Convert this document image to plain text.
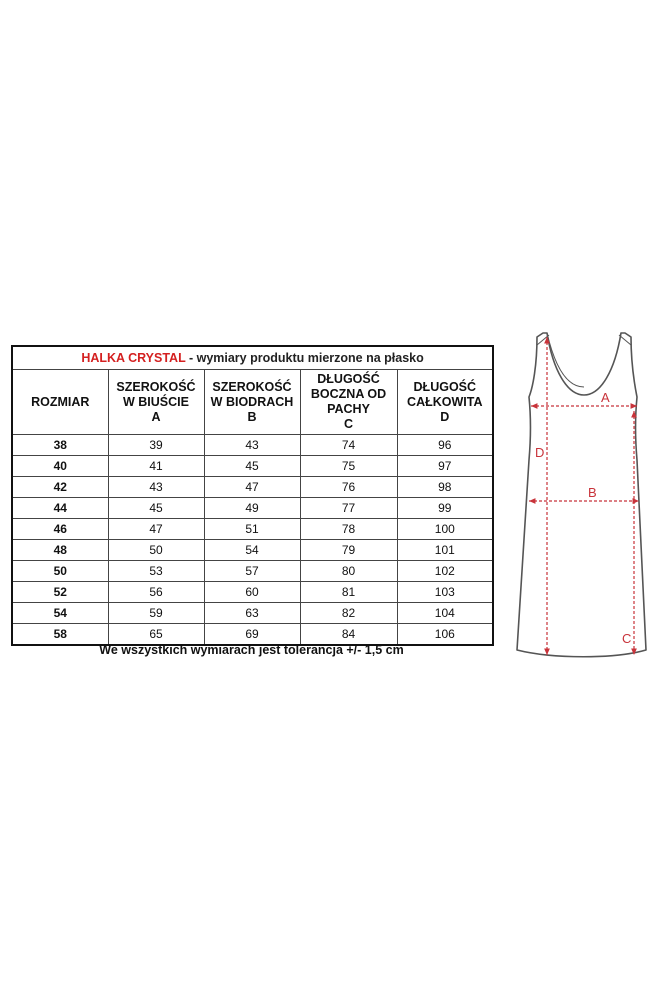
HALKA CRYSTAL - wymiary produktu mierzone na płasko				

ROZMIAR	SZEROKOŚĆ
W BIUŚCIE
A	SZEROKOŚĆ
W BIODRACH
B	DŁUGOŚĆ
BOCZNA OD
PACHY
C	DŁUGOŚĆ
CAŁKOWITA
D

38	39	43	74	96
40	41	45	75	97
42	43	47	76	98
44	45	49	77	99
46	47	51	78	100
48	50	54	79	101
50	53	57	80	102
52	56	60	81	103
54	59	63	82	104
58	65	69	84	106
We wszystkich wymiarach jest tolerancja +/- 1,5 cm
A
B
D
C
